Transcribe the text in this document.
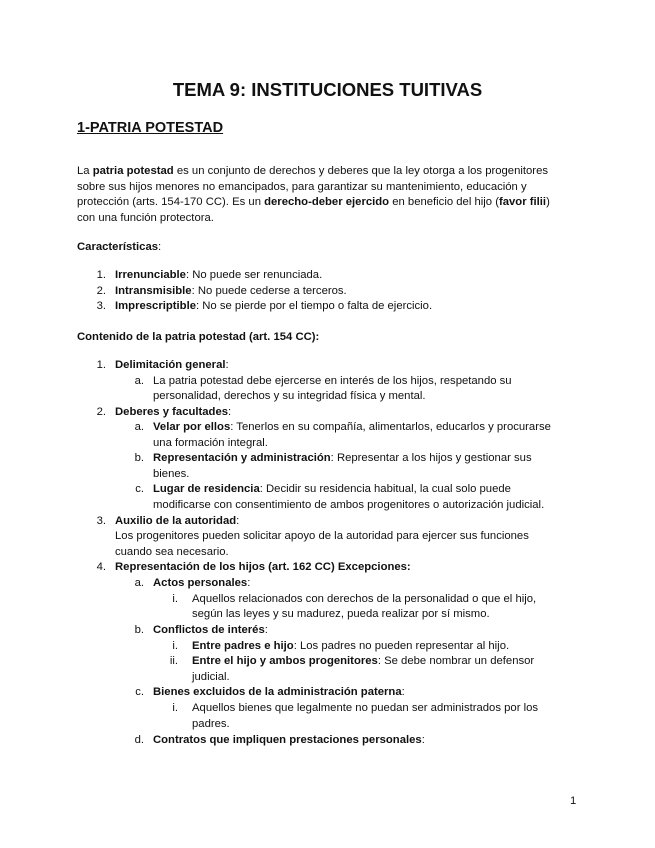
TEMA 9: INSTITUCIONES TUITIVAS
1-PATRIA POTESTAD
La patria potestad es un conjunto de derechos y deberes que la ley otorga a los progenitores
sobre sus hijos menores no emancipados, para garantizar su mantenimiento, educación y
protección (arts. 154-170 CC). Es un derecho-deber ejercido en beneficio del hijo (favor filii)
con una función protectora.
Características:
1. Irrenunciable: No puede ser renunciada.
2. Intransmisible: No puede cederse a terceros.
3. Imprescriptible: No se pierde por el tiempo o falta de ejercicio.
Contenido de la patria potestad (art. 154 CC):
1. Delimitación general:
a. La patria potestad debe ejercerse en interés de los hijos, respetando su
personalidad, derechos y su integridad física y mental.
2. Deberes y facultades:
a. Velar por ellos: Tenerlos en su compañía, alimentarlos, educarlos y procurarse
una formación integral.
b. Representación y administración: Representar a los hijos y gestionar sus
bienes.
c. Lugar de residencia: Decidir su residencia habitual, la cual solo puede
modificarse con consentimiento de ambos progenitores o autorización judicial.
3. Auxilio de la autoridad:
Los progenitores pueden solicitar apoyo de la autoridad para ejercer sus funciones
cuando sea necesario.
4. Representación de los hijos (art. 162 CC) Excepciones:
a. Actos personales:
i. Aquellos relacionados con derechos de la personalidad o que el hijo,
según las leyes y su madurez, pueda realizar por sí mismo.
b. Conflictos de interés:
i. Entre padres e hijo: Los padres no pueden representar al hijo.
ii. Entre el hijo y ambos progenitores: Se debe nombrar un defensor
judicial.
c. Bienes excluidos de la administración paterna:
i. Aquellos bienes que legalmente no puedan ser administrados por los
padres.
d. Contratos que impliquen prestaciones personales:
1
